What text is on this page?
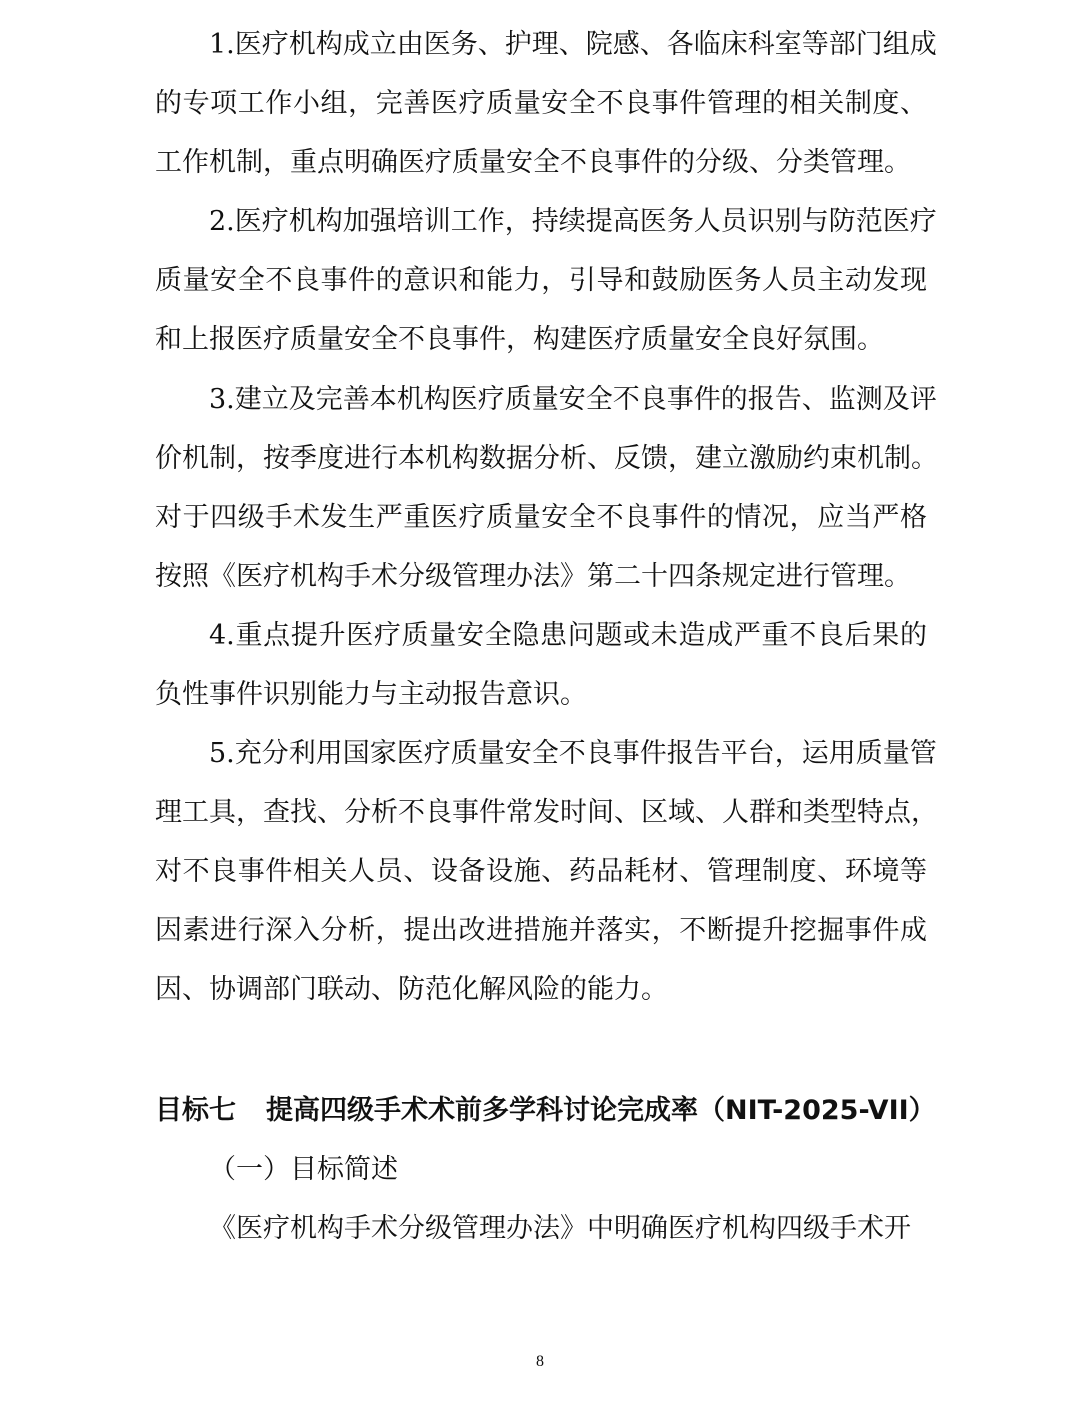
1.医疗机构成立由医务、护理、院感、各临床科室等部门组成

的专项工作小组，完善医疗质量安全不良事件管理的相关制度、

工作机制，重点明确医疗质量安全不良事件的分级、分类管理。

2.医疗机构加强培训工作，持续提高医务人员识别与防范医疗

质量安全不良事件的意识和能力，引导和鼓励医务人员主动发现

和上报医疗质量安全不良事件，构建医疗质量安全良好氛围。

3.建立及完善本机构医疗质量安全不良事件的报告、监测及评

价机制，按季度进行本机构数据分析、反馈，建立激励约束机制。

对于四级手术发生严重医疗质量安全不良事件的情况，应当严格

按照《医疗机构手术分级管理办法》第二十四条规定进行管理。

4.重点提升医疗质量安全隐患问题或未造成严重不良后果的

负性事件识别能力与主动报告意识。

5.充分利用国家医疗质量安全不良事件报告平台，运用质量管

理工具，查找、分析不良事件常发时间、区域、人群和类型特点，

对不良事件相关人员、设备设施、药品耗材、管理制度、环境等

因素进行深入分析，提出改进措施并落实，不断提升挖掘事件成

因、协调部门联动、防范化解风险的能力。

目标七 提高四级手术术前多学科讨论完成率（NIT-2025-VII）

（一）目标简述

《医疗机构手术分级管理办法》中明确医疗机构四级手术开

8
